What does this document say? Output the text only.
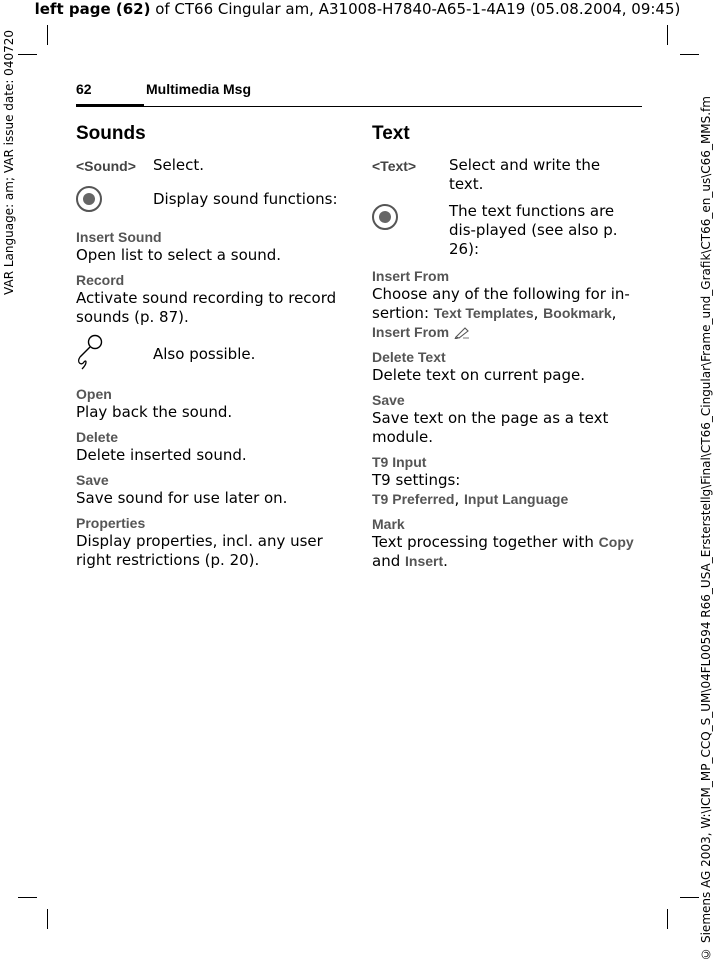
left page (62) of CT66 Cingular am, A31008-H7840-A65-1-4A19 (05.08.2004, 09:45)
VAR Language: am; VAR issue date: 040720	© Siemens AG 2003, W:\ICM_MP_CCQ_S_UM\04FL00594 R66_USA_Ersterstellg\Final\CT66_Cingular\Frame_und_Grafik\CT66_en_us\C66_MMS.fm
62	Multimedia Msg
Sounds
<Sound>	Select.
Display sound functions:
Insert Sound
Open list to select a sound.
Record
Activate sound recording to record sounds (p. 87).
Also possible.
Open
Play back the sound.
Delete
Delete inserted sound.
Save
Save sound for use later on.
Properties
Display properties, incl. any user right restrictions (p. 20).
Text
<Text>	Select and write the text.
The text functions are dis-played (see also p. 26):
Insert From
Choose any of the following for in-sertion: Text Templates, Bookmark,
Insert From
Delete Text
Delete text on current page.
Save
Save text on the page as a text module.
T9 Input
T9 settings:
T9 Preferred, Input Language
Mark
Text processing together with Copy
and Insert.
